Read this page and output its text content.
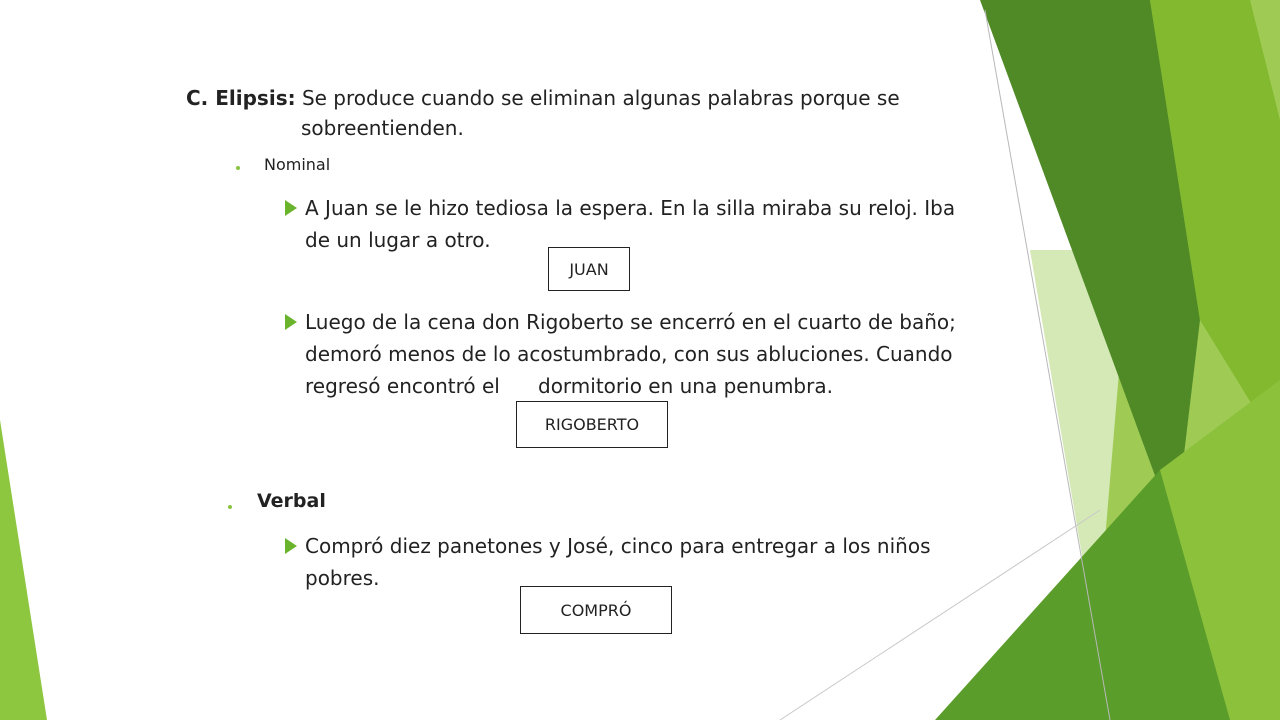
C. Elipsis: Se produce cuando se eliminan algunas palabras porque se
sobreentienden.
Nominal
A Juan se le hizo tediosa la espera. En la silla miraba su reloj. Iba
de un lugar a otro.
JUAN
Luego de la cena don Rigoberto se encerró en el cuarto de baño;
demoró menos de lo acostumbrado, con sus abluciones. Cuando
regresó encontró el      dormitorio en una penumbra.
RIGOBERTO
Verbal
Compró diez panetones y José, cinco para entregar a los niños
pobres.
COMPRÓ
